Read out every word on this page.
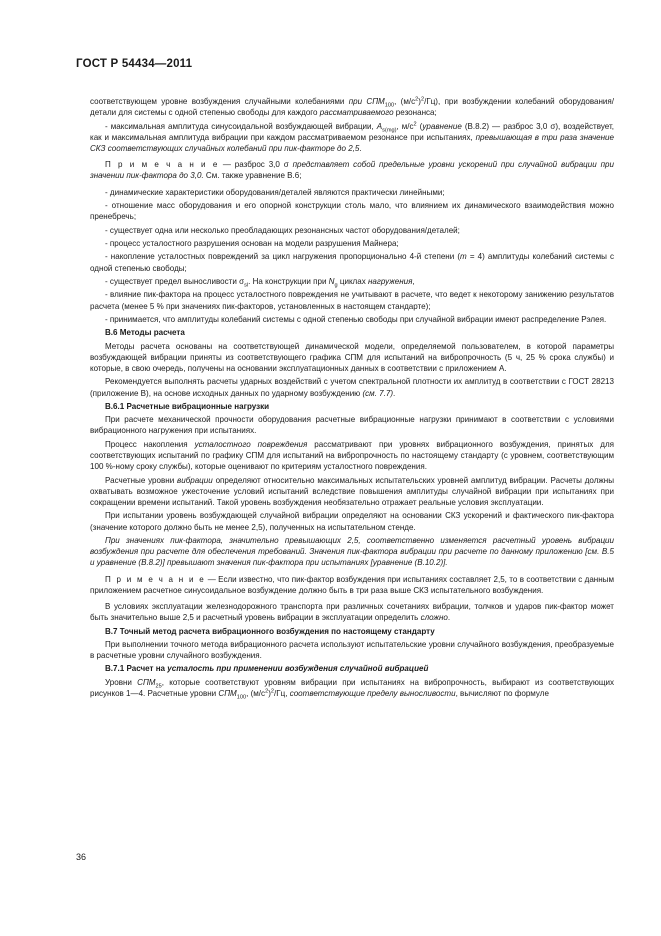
ГОСТ Р 54434—2011
соответствующем уровне возбуждения случайными колебаниями при $СПМ_{100}$, $(м/с^2)^2/Гц$), при возбуждении колебаний оборудования/детали для системы с одной степенью свободы для каждого рассматриваемого резонанса;
- максимальная амплитуда синусоидальной возбуждающей вибрации, $A_{s(mg)}$, $м/с^2$ (уравнение (В.8.2) — разброс 3,0 σ), воздействует, как и максимальная амплитуда вибрации при каждом рассматриваемом резонансе при испытаниях, превышающая в три раза значение СКЗ соответствующих случайных колебаний при пик-факторе до 2,5.
П р и м е ч а н и е — разброс 3,0 σ представляет собой предельные уровни ускорений при случайной вибрации при значении пик-фактора до 3,0. См. также уравнение В.6;
- динамические характеристики оборудования/деталей являются практически линейными;
- отношение масс оборудования и его опорной конструкции столь мало, что влиянием их динамического взаимодействия можно пренебречь;
- существует одна или несколько преобладающих резонансных частот оборудования/деталей;
- процесс усталостного разрушения основан на модели разрушения Майнера;
- накопление усталостных повреждений за цикл нагружения пропорционально 4-й степени (m = 4) амплитуды колебаний системы с одной степенью свободы;
- существует предел выносливости $\sigma_{sl}$. На конструкции при $N_g$ циклах нагружения,
- влияние пик-фактора на процесс усталостного повреждения не учитывают в расчете, что ведет к некоторому занижению результатов расчета (менее 5 % при значениях пик-факторов, установленных в настоящем стандарте);
- принимается, что амплитуды колебаний системы с одной степенью свободы при случайной вибрации имеют распределение Рэлея.
В.6 Методы расчета
Методы расчета основаны на соответствующей динамической модели, определяемой пользователем, в которой параметры возбуждающей вибрации приняты из соответствующего графика СПМ для испытаний на вибропрочность (5 ч, 25 % срока службы) и которые, в свою очередь, получены на основании эксплуатационных данных в соответствии с приложением А.
Рекомендуется выполнять расчеты ударных воздействий с учетом спектральной плотности их амплитуд в соответствии с ГОСТ 28213 (приложение В), на основе исходных данных по ударному возбуждению (см. 7.7).
В.6.1 Расчетные вибрационные нагрузки
При расчете механической прочности оборудования расчетные вибрационные нагрузки принимают в соответствии с условиями вибрационного нагружения при испытаниях.
Процесс накопления усталостного повреждения рассматривают при уровнях вибрационного возбуждения, принятых для соответствующих испытаний по графику СПМ для испытаний на вибропрочность по настоящему стандарту (с уровнем, соответствующим 100 %-ному сроку службы), которые оценивают по критериям усталостного повреждения.
Расчетные уровни вибрации определяют относительно максимальных испытательских уровней амплитуд вибрации. Расчеты должны охватывать возможное ужесточение условий испытаний вследствие повышения амплитуды случайной вибрации при испытаниях при сокращении времени испытаний. Такой уровень возбуждения необязательно отражает реальные условия эксплуатации.
При испытании уровень возбуждающей случайной вибрации определяют на основании СКЗ ускорений и фактического пик-фактора (значение которого должно быть не менее 2,5), полученных на испытательном стенде.
При значениях пик-фактора, значительно превышающих 2,5, соответственно изменяется расчетный уровень вибрации возбуждения при расчете для обеспечения требований. Значения пик-фактора вибрации при расчете по данному приложению [см. В.5 и уравнение (В.8.2)] превышают значения пик-фактора при испытаниях [уравнение (В.10.2)].
П р и м е ч а н и е — Если известно, что пик-фактор возбуждения при испытаниях составляет 2,5, то в соответствии с данным приложением расчетное синусоидальное возбуждение должно быть в три раза выше СКЗ испытательного возбуждения.
В условиях эксплуатации железнодорожного транспорта при различных сочетаниях вибрации, толчков и ударов пик-фактор может быть значительно выше 2,5 и расчетный уровень вибрации в эксплуатации определить сложно.
В.7 Точный метод расчета вибрационного возбуждения по настоящему стандарту
При выполнении точного метода вибрационного расчета используют испытательские уровни случайного возбуждения, преобразуемые в расчетные уровни случайного возбуждения.
В.7.1 Расчет на усталость при применении возбуждения случайной вибрацией
Уровни $СПМ_{25}$, которые соответствуют уровням вибрации при испытаниях на вибропрочность, выбирают из соответствующих рисунков 1—4. Расчетные уровни $СПМ_{100}$, $(м/с^2)^2/Гц$, соответствующие пределу выносливости, вычисляют по формуле
36
